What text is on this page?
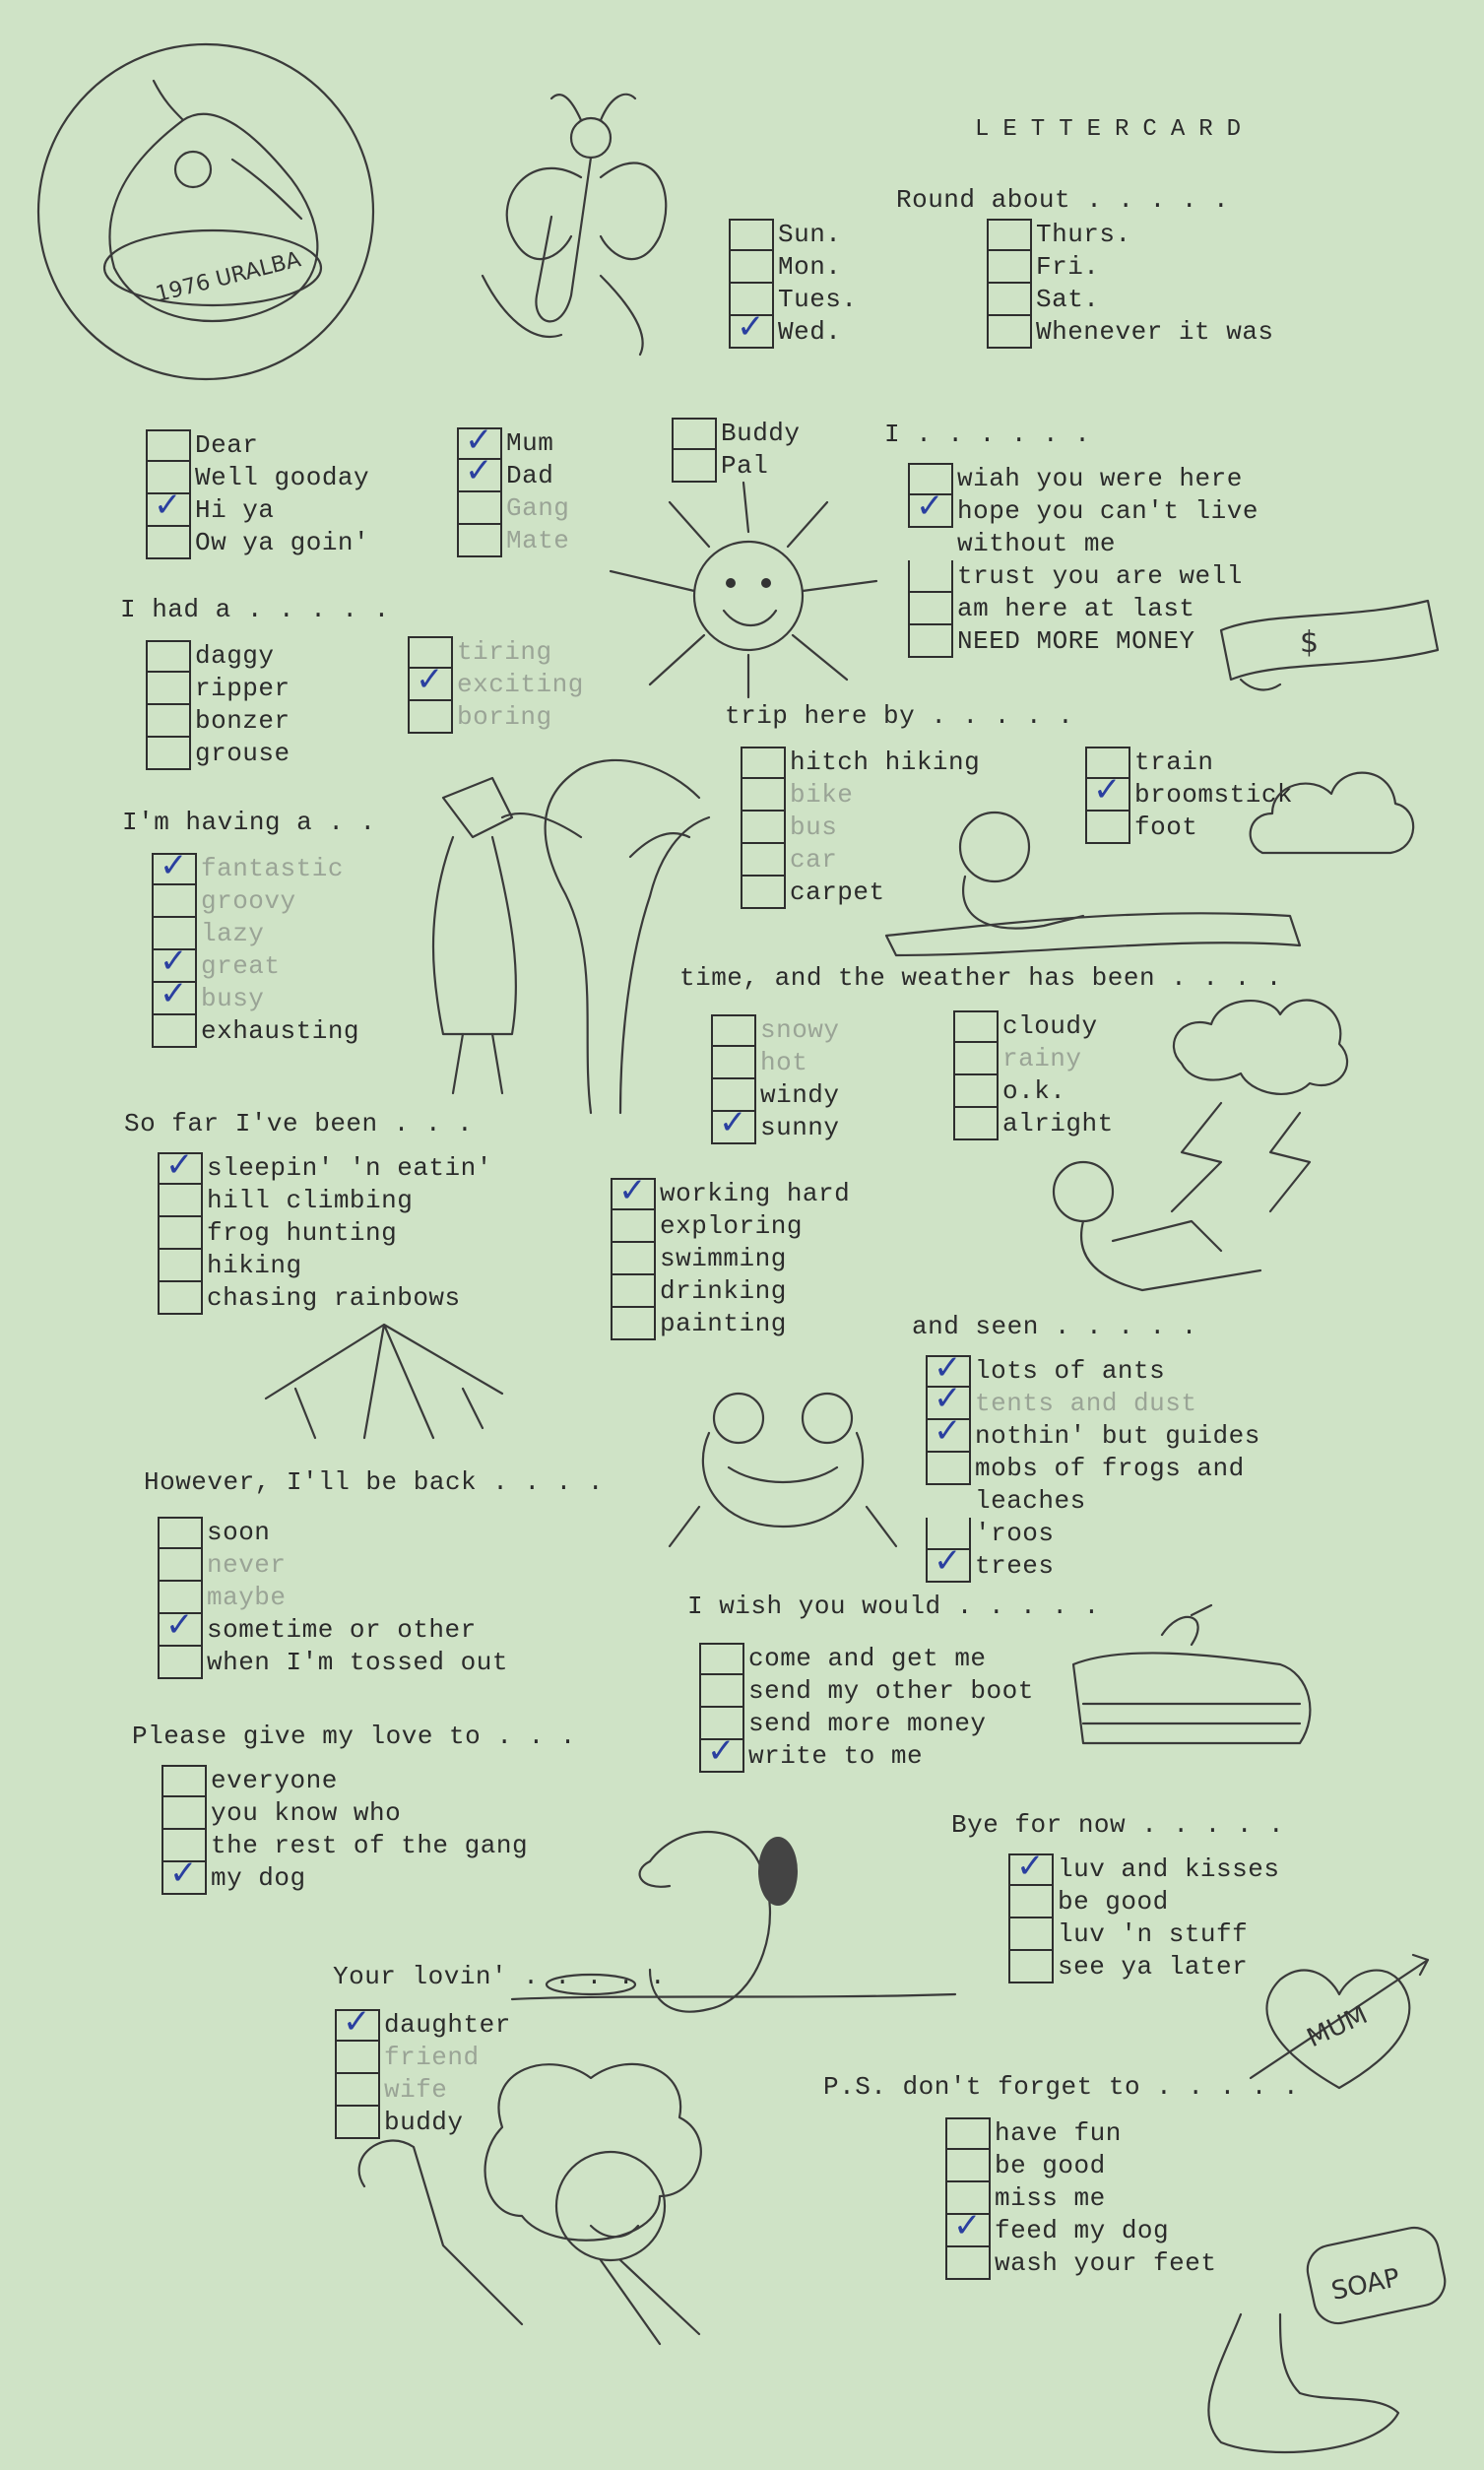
LETTERCARD
Round about . . . . .
I . . . . . .
I had a . . . . .
trip here by . . . . .
I'm having a . .
time, and the weather has been . . . .
So far I've been . . .
and seen . . . . .
However, I'll be back . . . .
I wish you would . . . . .
Please give my love to . . .
Bye for now . . . . .
Your lovin' . . . . .
P.S. don't forget to . . . . .
Sun.
Mon.
Tues.
✓ Wed.
Thurs.
Fri.
Sat.
Whenever it was
Dear
Well gooday
✓ Hi ya
Ow ya goin'
✓ Mum
✓ Dad
Gang
Mate
Buddy
Pal	wiah you were here
✓ hope you can't live
without me
trust you are well
am here at last
NEED MORE MONEY
daggy
ripper
bonzer
grouse
tiring
✓ exciting
boring
hitch hiking
bike
bus
car
carpet
train
✓ broomstick
foot
✓ fantastic
groovy
lazy
✓ great
✓ busy
exhausting	snowy
hot
windy
✓ sunny
cloudy
rainy
o.k.
alright
✓ sleepin' 'n eatin'
hill climbing
frog hunting
hiking
chasing rainbows
✓ working hard
exploring
swimming
drinking
painting
✓ lots of ants
✓ tents and dust
✓ nothin' but guides
mobs of frogs and
leaches
'roos
✓ trees
soon
never
maybe
✓ sometime or other
when I'm tossed out	come and get me
send my other boot
send more money
✓ write to me
everyone
you know who
the rest of the gang
✓ my dog	✓ luv and kisses
be good
luv 'n stuff
see ya later
✓ daughter
friend
wife
buddy	have fun
be good
miss me
✓ feed my dog
wash your feet
1976 URALBA
$
MUM
SOAP
